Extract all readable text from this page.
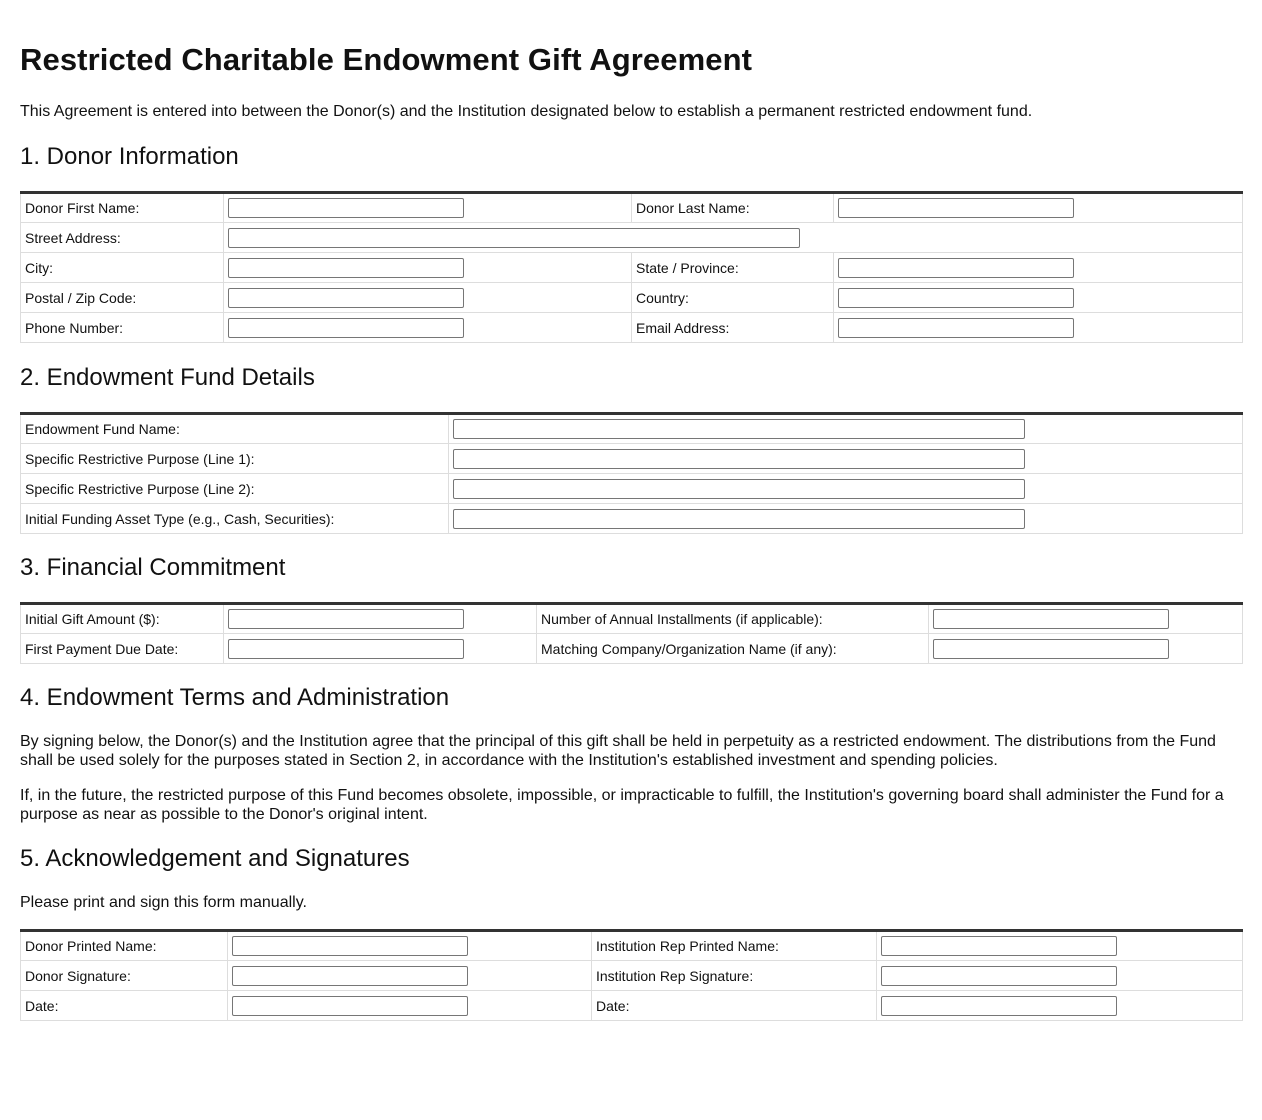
Restricted Charitable Endowment Gift Agreement

This Agreement is entered into between the Donor(s) and the Institution designated below to establish a permanent restricted endowment fund.

1. Donor Information
Donor First Name:		Donor Last Name:	

Street Address:	

City:		State / Province:	

Postal / Zip Code:		Country:	

Phone Number:		Email Address:	
2. Endowment Fund Details
Endowment Fund Name:	

Specific Restrictive Purpose (Line 1):	

Specific Restrictive Purpose (Line 2):	

Initial Funding Asset Type (e.g., Cash, Securities):	
3. Financial Commitment
Initial Gift Amount ($):		Number of Annual Installments (if applicable):	

First Payment Due Date:		Matching Company/Organization Name (if any):	
4. Endowment Terms and Administration

By signing below, the Donor(s) and the Institution agree that the principal of this gift shall be held in perpetuity as a restricted endowment. The distributions from the Fund shall be used solely for the purposes stated in Section 2, in accordance with the Institution's established investment and spending policies.

If, in the future, the restricted purpose of this Fund becomes obsolete, impossible, or impracticable to fulfill, the Institution's governing board shall administer the Fund for a purpose as near as possible to the Donor's original intent.

5. Acknowledgement and Signatures

Please print and sign this form manually.

Donor Printed Name:		Institution Rep Printed Name:	

Donor Signature:		Institution Rep Signature:	

Date:		Date:	
